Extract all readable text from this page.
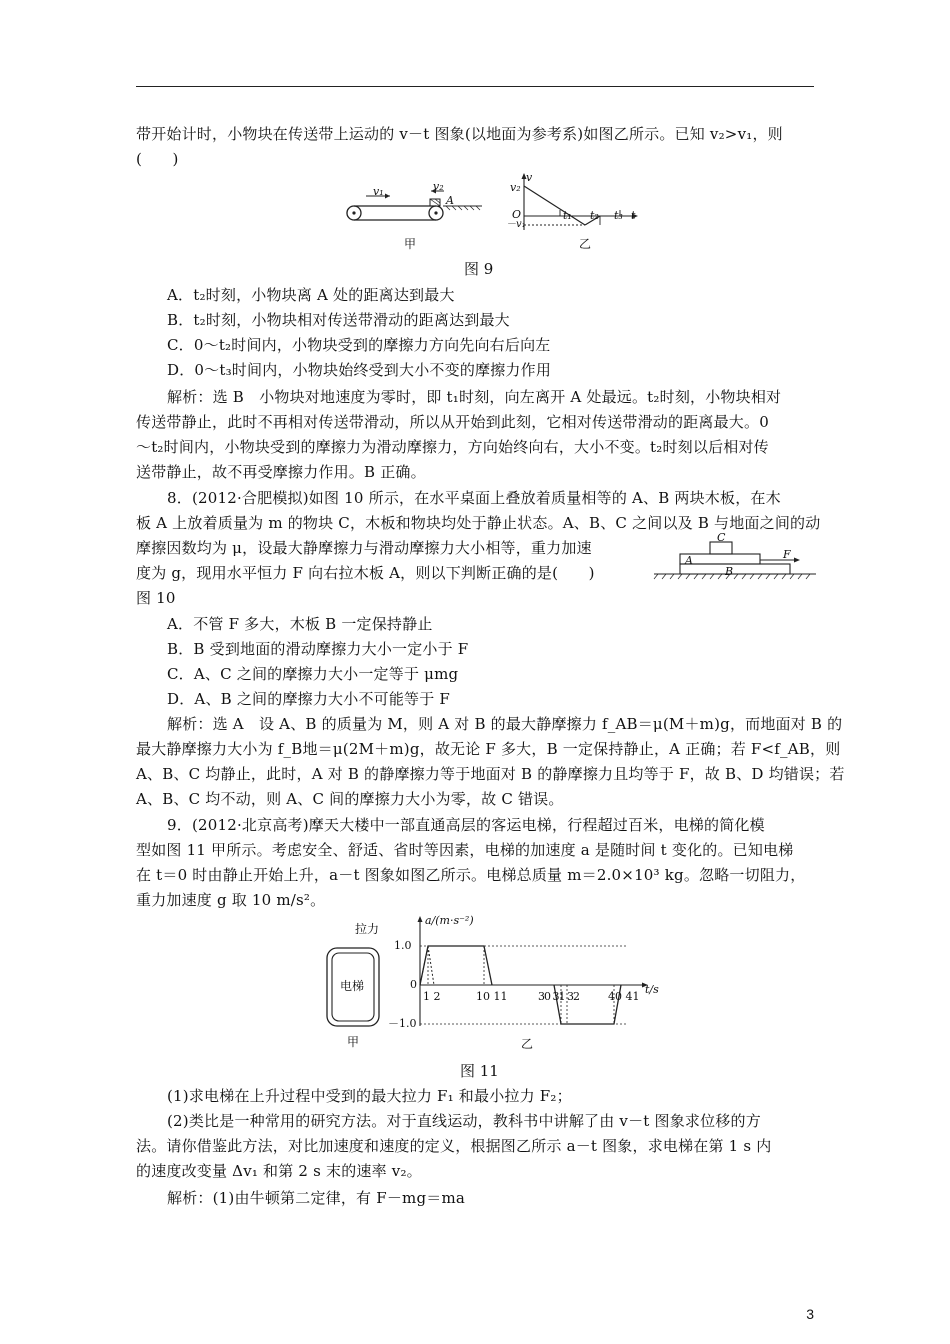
带开始计时，小物块在传送带上运动的 v－t 图象(以地面为参考系)如图乙所示。已知 v₂>v₁，则
(　　)
v₁	v₂
A
甲
v
v₂
O
－v₁
t₁ t₂ t₃ t
乙
图 9
A．t₂时刻，小物块离 A 处的距离达到最大
B．t₂时刻，小物块相对传送带滑动的距离达到最大
C．0～t₂时间内，小物块受到的摩擦力方向先向右后向左
D．0～t₃时间内，小物块始终受到大小不变的摩擦力作用
解析：选 B　小物块对地速度为零时，即 t₁时刻，向左离开 A 处最远。t₂时刻，小物块相对
传送带静止，此时不再相对传送带滑动，所以从开始到此刻，它相对传送带滑动的距离最大。0
～t₂时间内，小物块受到的摩擦力为滑动摩擦力，方向始终向右，大小不变。t₂时刻以后相对传
送带静止，故不再受摩擦力作用。B 正确。
8．(2012·合肥模拟)如图 10 所示，在水平桌面上叠放着质量相等的 A、B 两块木板，在木
板 A 上放着质量为 m 的物块 C，木板和物块均处于静止状态。A、B、C 之间以及 B 与地面之间的动
摩擦因数均为 μ，设最大静摩擦力与滑动摩擦力大小相等，重力加速
度为 g，现用水平恒力 F 向右拉木板 A，则以下判断正确的是(　　)
图 10
C
A
B
F
A．不管 F 多大，木板 B 一定保持静止
B．B 受到地面的滑动摩擦力大小一定小于 F
C．A、C 之间的摩擦力大小一定等于 μmg
D．A、B 之间的摩擦力大小不可能等于 F
解析：选 A　设 A、B 的质量为 M，则 A 对 B 的最大静摩擦力 f_AB＝μ(M＋m)g，而地面对 B 的
最大静摩擦力大小为 f_B地＝μ(2M＋m)g，故无论 F 多大，B 一定保持静止，A 正确；若 F<f_AB，则
A、B、C 均静止，此时，A 对 B 的静摩擦力等于地面对 B 的静摩擦力且均等于 F，故 B、D 均错误；若
A、B、C 均不动，则 A、C 间的摩擦力大小为零，故 C 错误。
9．(2012·北京高考)摩天大楼中一部直通高层的客运电梯，行程超过百米，电梯的简化模
型如图 11 甲所示。考虑安全、舒适、省时等因素，电梯的加速度 a 是随时间 t 变化的。已知电梯
在 t＝0 时由静止开始上升，a－t 图象如图乙所示。电梯总质量 m＝2.0×10³ kg。忽略一切阻力，
重力加速度 g 取 10 m/s²。
拉力
电梯
甲
a/(m·s⁻²)
1.0
0
－1.0
1 2	10 11	30 31 32	40 41
t/s
乙
图 11
(1)求电梯在上升过程中受到的最大拉力 F₁ 和最小拉力 F₂；
(2)类比是一种常用的研究方法。对于直线运动，教科书中讲解了由 v－t 图象求位移的方
法。请你借鉴此方法，对比加速度和速度的定义，根据图乙所示 a－t 图象，求电梯在第 1 s 内
的速度改变量 Δv₁ 和第 2 s 末的速率 v₂。
解析：(1)由牛顿第二定律，有 F－mg＝ma
3
